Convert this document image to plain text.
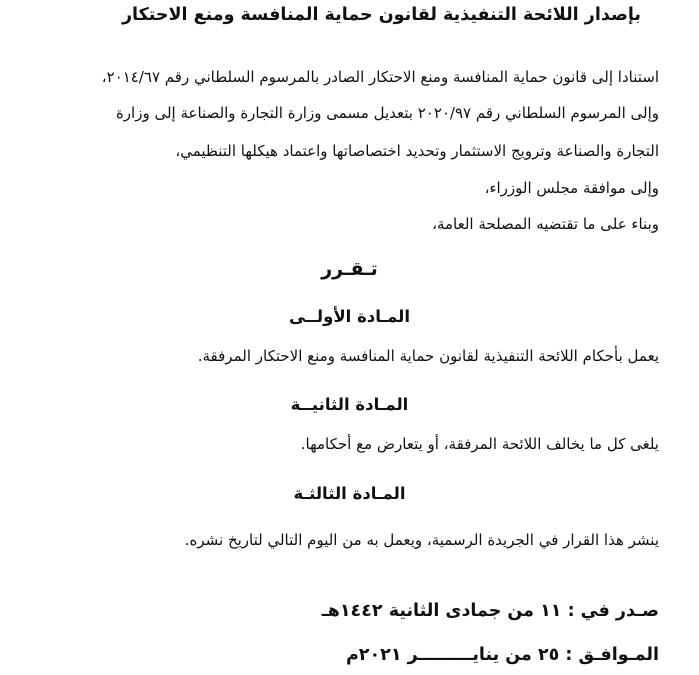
بإصدار اللائحة التنفيذية لقانون حماية المنافسة ومنع الاحتكار
استنادا إلى قانون حماية المنافسة ومنع الاحتكار الصادر بالمرسوم السلطاني رقم ٢٠١٤/٦٧،
وإلى المرسوم السلطاني رقم ٢٠٢٠/٩٧ بتعديل مسمى وزارة التجارة والصناعة إلى وزارة
التجارة والصناعة وترويج الاستثمار وتحديد اختصاصاتها واعتماد هيكلها التنظيمي،
وإلى موافقة مجلس الوزراء،
وبناء على ما تقتضيه المصلحة العامة،
تـقـرر
المـادة الأولــى
يعمل بأحكام اللائحة التنفيذية لقانون حماية المنافسة ومنع الاحتكار المرفقة.
المـادة الثانيــة
يلغى كل ما يخالف اللائحة المرفقة، أو يتعارض مع أحكامها.
المـادة الثالثـة
ينشر هذا القرار في الجريدة الرسمية، ويعمل به من اليوم التالي لتاريخ نشره.
صـدر في : ١١ من جمادى الثانية ١٤٤٢هـ
المـوافـق : ٢٥ من ينايـــــــــر ٢٠٢١م
